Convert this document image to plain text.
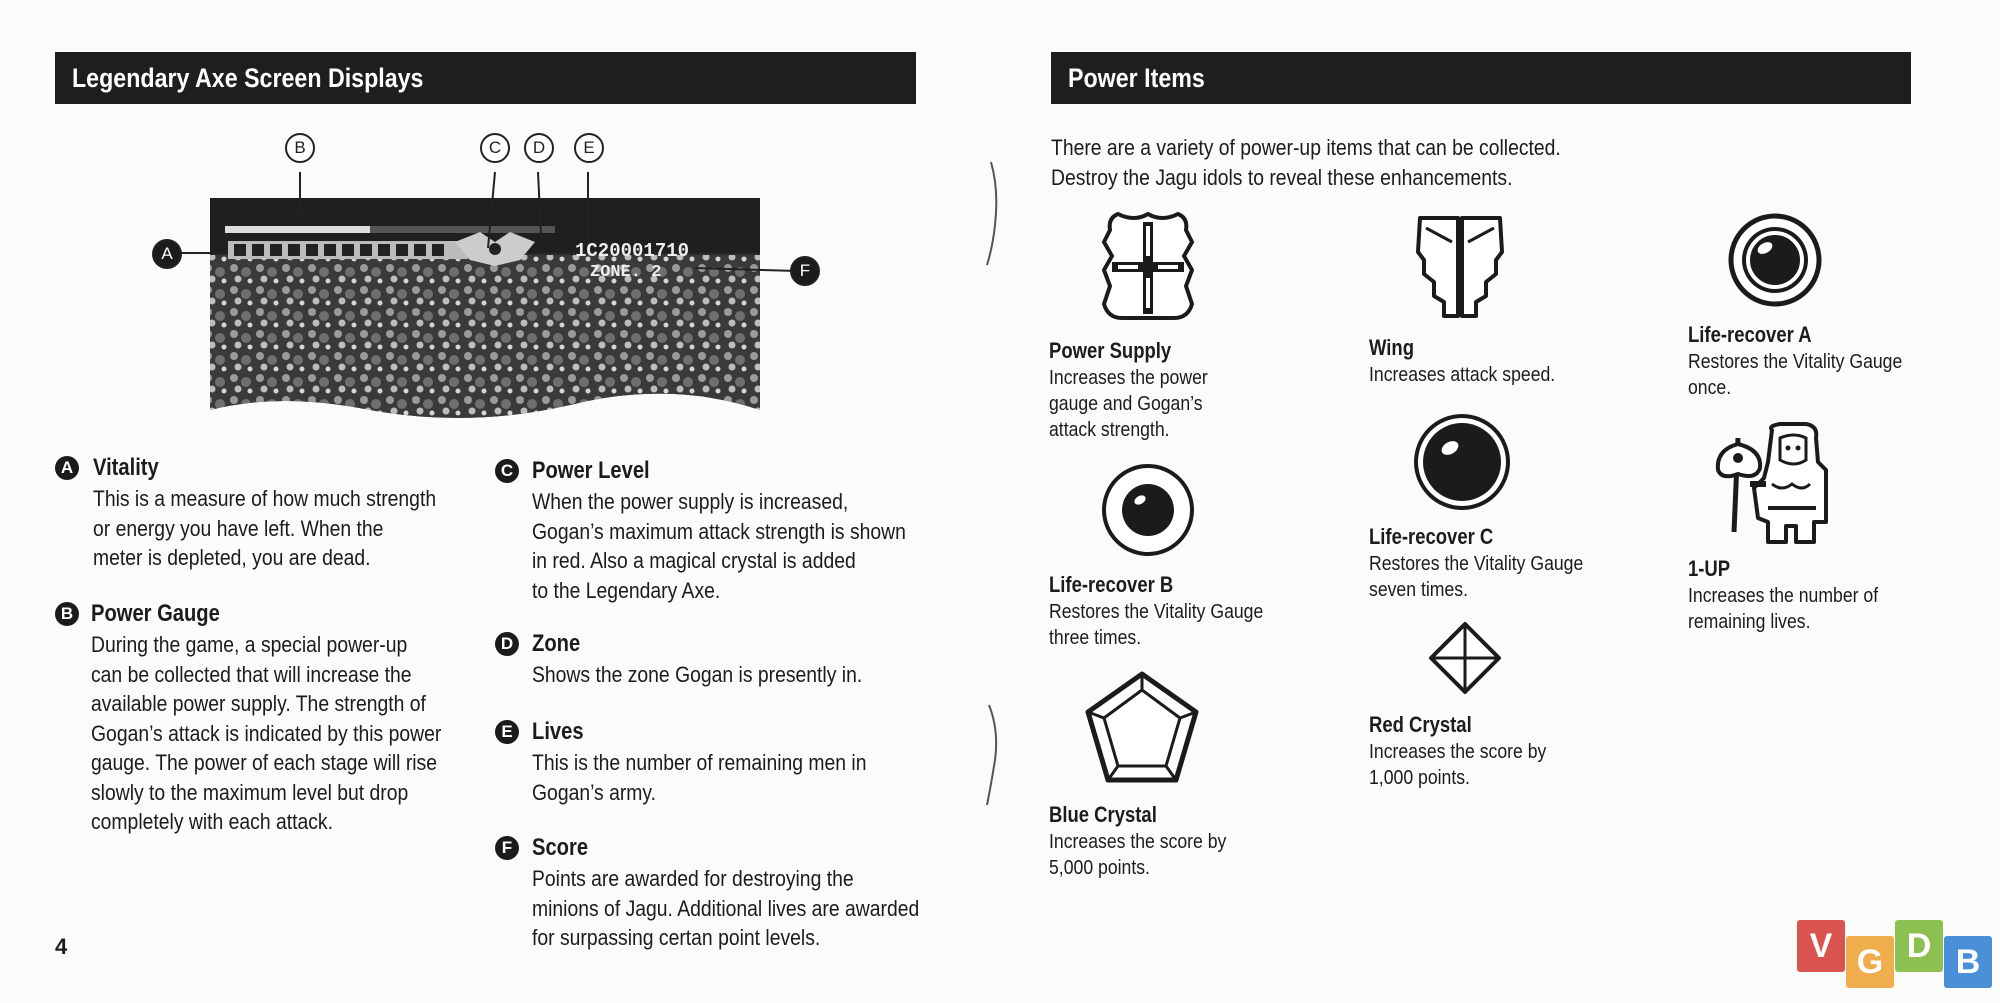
Legendary Axe Screen Displays
1C20001710
ZONE. 2
B	C	D	E
A
F
A Vitality
This is a measure of how much strength
or energy you have left. When the
meter is depleted, you are dead.
B Power Gauge
During the game, a special power-up
can be collected that will increase the
available power supply. The strength of
Gogan’s attack is indicated by this power
gauge. The power of each stage will rise
slowly to the maximum level but drop
completely with each attack.
C Power Level
When the power supply is increased,
Gogan’s maximum attack strength is shown
in red. Also a magical crystal is added
to the Legendary Axe.
D Zone
Shows the zone Gogan is presently in.
E Lives
This is the number of remaining men in
Gogan’s army.
F Score
Points are awarded for destroying the
minions of Jagu. Additional lives are awarded
for surpassing certan point levels.
4
Power Items
There are a variety of power-up items that can be collected.
Destroy the Jagu idols to reveal these enhancements.
Power Supply
Increases the power
gauge and Gogan’s
attack strength.
Wing
Increases attack speed.
Life-recover A
Restores the Vitality Gauge
once.
Life-recover B
Restores the Vitality Gauge
three times.
Life-recover C
Restores the Vitality Gauge
seven times.
1-UP
Increases the number of
remaining lives.
Blue Crystal
Increases the score by
5,000 points.
Red Crystal
Increases the score by
1,000 points.
V G D B
